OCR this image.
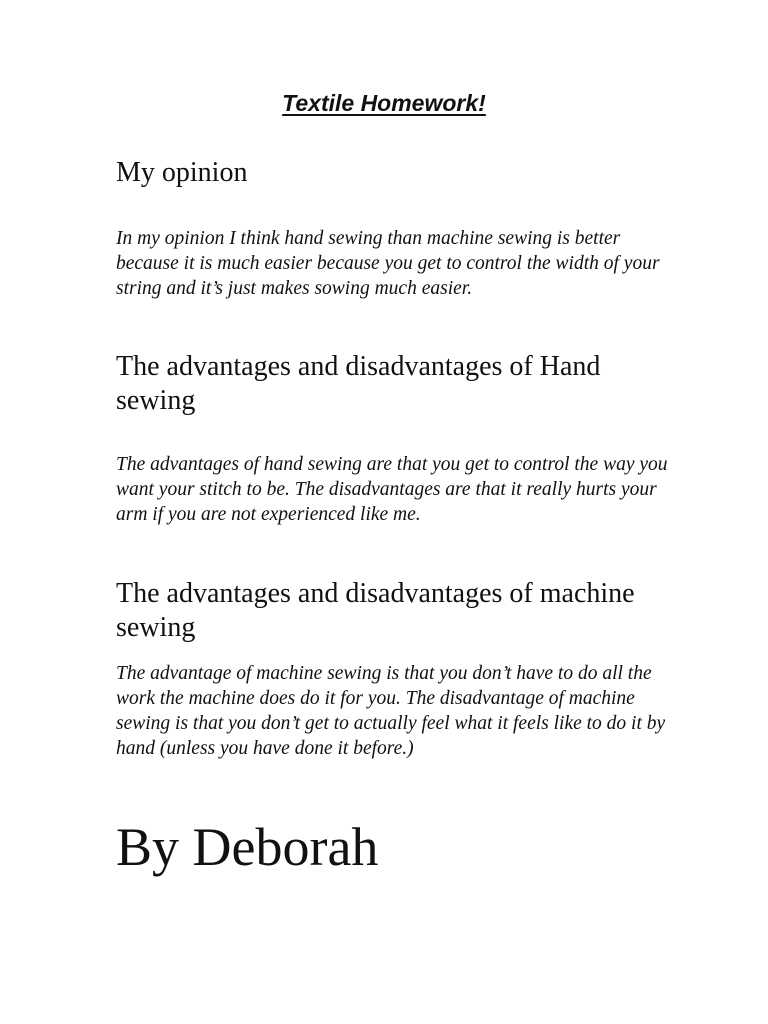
Textile Homework!
My opinion

In my opinion I think hand sewing than machine sewing is better because it is much easier because you get to control the width of your string and it’s just makes sowing much easier.

The advantages and disadvantages of Hand sewing

The advantages of hand sewing are that you get to control the way you want your stitch to be. The disadvantages are that it really hurts your arm if you are not experienced like me.

The advantages and disadvantages of machine sewing

The advantage of machine sewing is that you don’t have to do all the work the machine does do it for you. The disadvantage of machine sewing is that you don’t get to actually feel what it feels like to do it by hand (unless you have done it before.)

By Deborah
